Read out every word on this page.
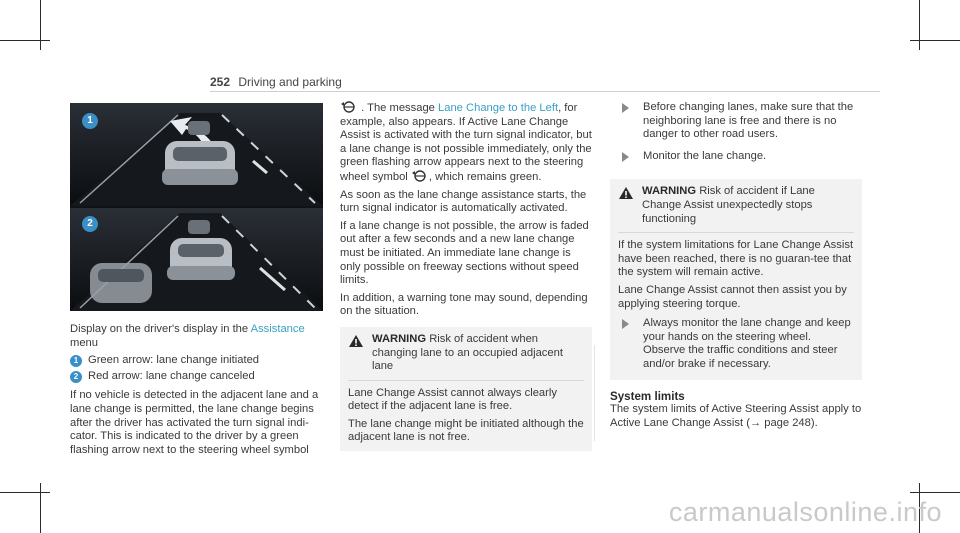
252 Driving and parking
1
2

Display on the driver's display in the Assistance
menu

1 Green arrow: lane change initiated
2 Red arrow: lane change canceled

If no vehicle is detected in the adjacent lane and a lane change is permitted, the lane change begins after the driver has activated the turn signal indi-cator. This is indicated to the driver by a green flashing arrow next to the steering wheel symbol

. The message Lane Change to the Left, for example, also appears. If Active Lane Change Assist is activated with the turn signal indicator, but a lane change is not possible immediately, only the green flashing arrow appears next to the steering wheel symbol , which remains green.

As soon as the lane change assistance starts, the turn signal indicator is automatically activated.

If a lane change is not possible, the arrow is faded out after a few seconds and a new lane change must be initiated. An immediate lane change is only possible on freeway sections without speed limits.

In addition, a warning tone may sound, depending on the situation.

WARNING Risk of accident when changing lane to an occupied adjacent lane

Lane Change Assist cannot always clearly detect if the adjacent lane is free.

The lane change might be initiated although the adjacent lane is not free.

Before changing lanes, make sure that the neighboring lane is free and there is no danger to other road users.
Monitor the lane change.
WARNING Risk of accident if Lane Change Assist unexpectedly stops functioning

If the system limitations for Lane Change Assist have been reached, there is no guaran-tee that the system will remain active.

Lane Change Assist cannot then assist you by applying steering torque.

Always monitor the lane change and keep your hands on the steering wheel. Observe the traffic conditions and steer and/or brake if necessary.
System limits

The system limits of Active Steering Assist apply to Active Lane Change Assist (→ page 248).

carmanualsonline.info
